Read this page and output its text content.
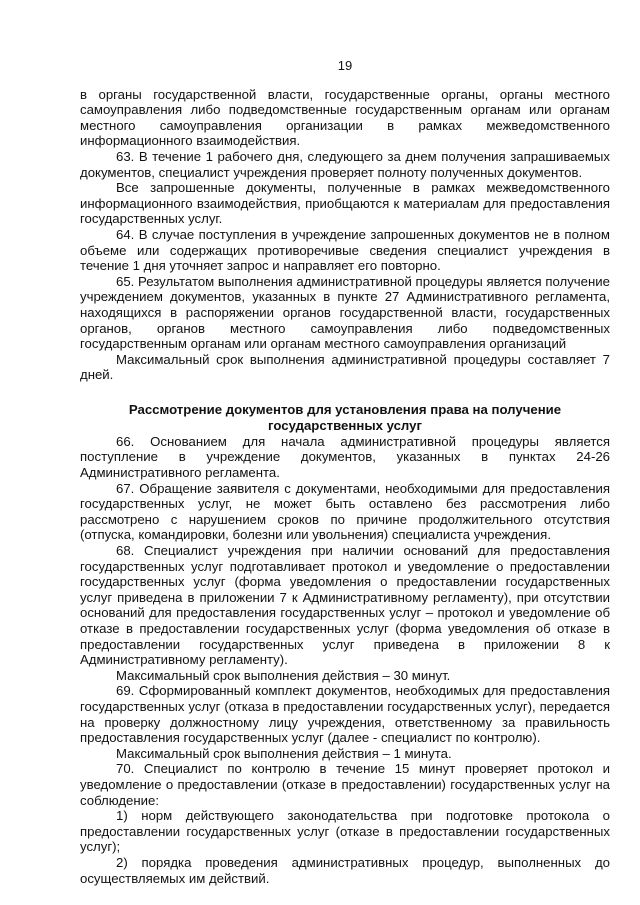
19

в органы государственной власти, государственные органы, органы местного самоуправления либо подведомственные государственным органам или органам местного самоуправления организации в рамках межведомственного информационного взаимодействия.

63. В течение 1 рабочего дня, следующего за днем получения запрашиваемых документов, специалист учреждения проверяет полноту полученных документов.

Все запрошенные документы, полученные в рамках межведомственного информационного взаимодействия, приобщаются к материалам для предоставления государственных услуг.

64. В случае поступления в учреждение запрошенных документов не в полном объеме или содержащих противоречивые сведения специалист учреждения в течение 1 дня уточняет запрос и направляет его повторно.

65. Результатом выполнения административной процедуры является получение учреждением документов, указанных в пункте 27 Административного регламента, находящихся в распоряжении органов государственной власти, государственных органов, органов местного самоуправления либо подведомственных государственным органам или органам местного самоуправления организаций

Максимальный срок выполнения административной процедуры составляет 7 дней.

Рассмотрение документов для установления права на получение государственных услуг

66. Основанием для начала административной процедуры является поступление в учреждение документов, указанных в пунктах 24-26 Административного регламента.

67. Обращение заявителя с документами, необходимыми для предоставления государственных услуг, не может быть оставлено без рассмотрения либо рассмотрено с нарушением сроков по причине продолжительного отсутствия (отпуска, командировки, болезни или увольнения) специалиста учреждения.

68. Специалист учреждения при наличии оснований для предоставления государственных услуг подготавливает протокол и уведомление о предоставлении государственных услуг (форма уведомления о предоставлении государственных услуг приведена в приложении 7 к Административному регламенту), при отсутствии оснований для предоставления государственных услуг – протокол и уведомление об отказе в предоставлении государственных услуг (форма уведомления об отказе в предоставлении государственных услуг приведена в приложении 8 к Административному регламенту).

Максимальный срок выполнения действия – 30 минут.

69. Сформированный комплект документов, необходимых для предоставления государственных услуг (отказа в предоставлении государственных услуг), передается на проверку должностному лицу учреждения, ответственному за правильность предоставления государственных услуг (далее - специалист по контролю).

Максимальный срок выполнения действия – 1 минута.

70. Специалист по контролю в течение 15 минут проверяет протокол и уведомление о предоставлении (отказе в предоставлении) государственных услуг на соблюдение:

1) норм действующего законодательства при подготовке протокола о предоставлении государственных услуг (отказе в предоставлении государственных услуг);

2) порядка проведения административных процедур, выполненных до осуществляемых им действий.
